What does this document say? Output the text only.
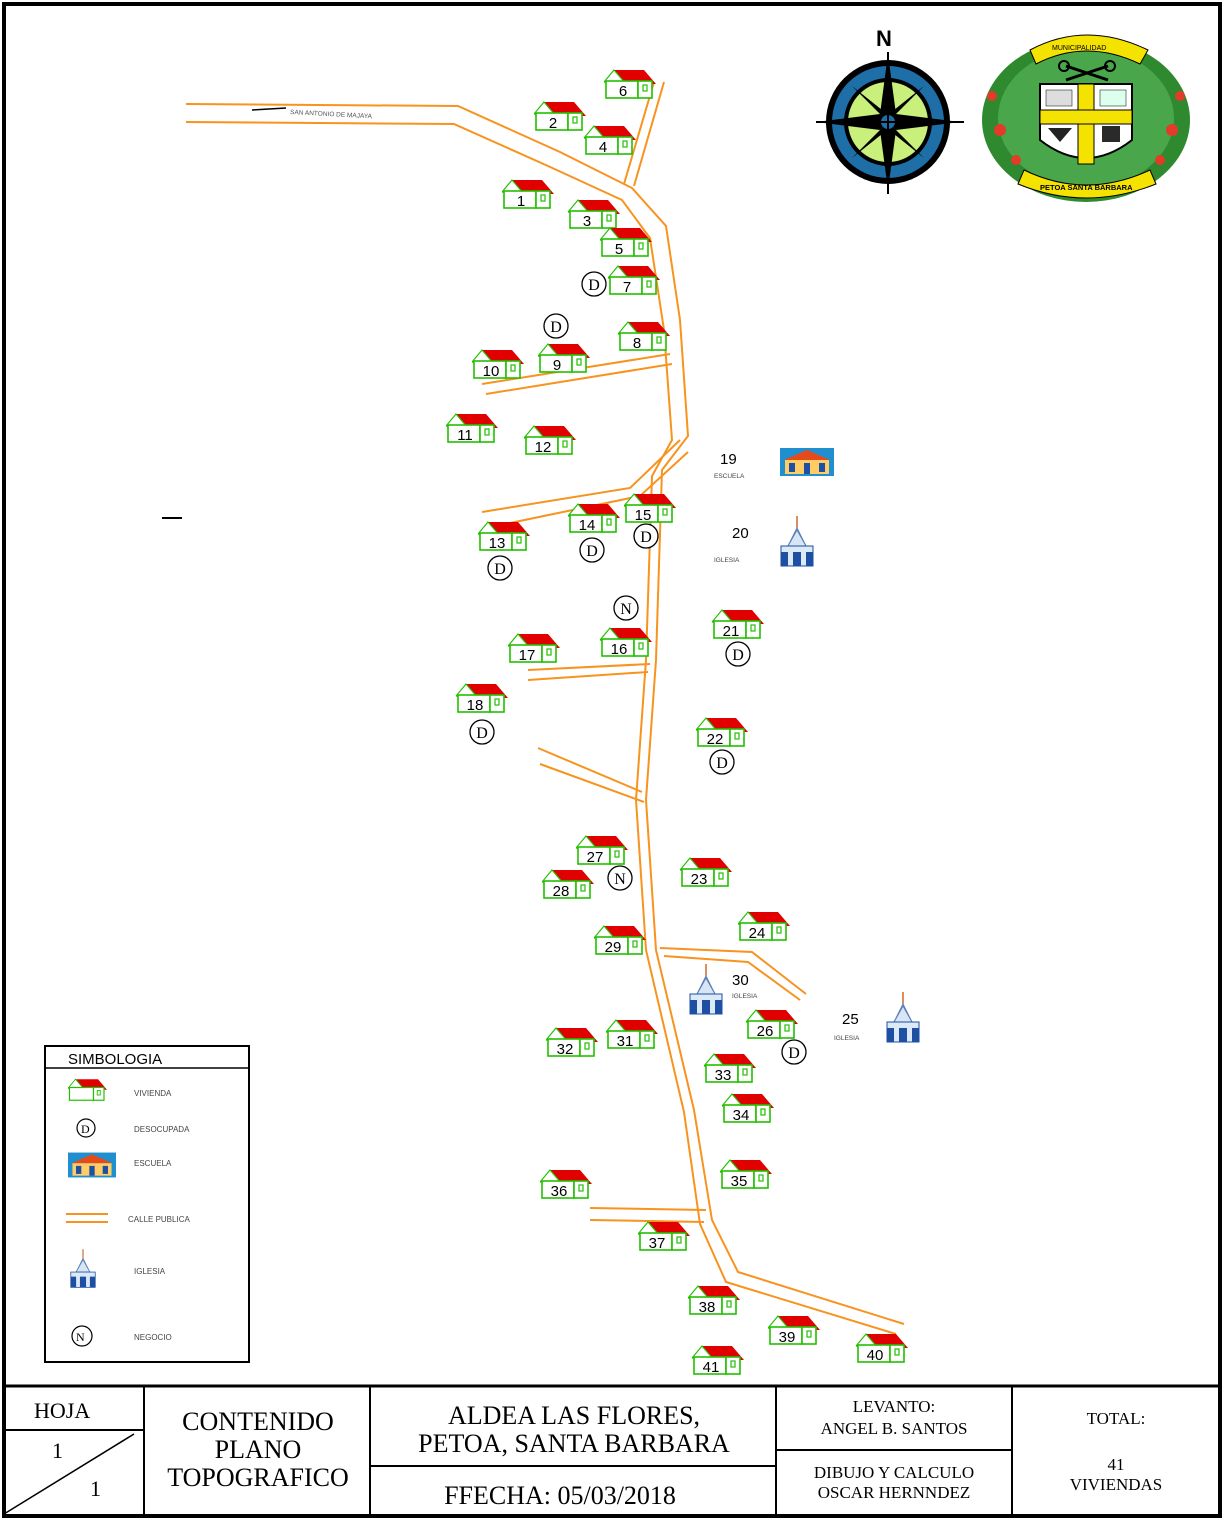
SAN ANTONIO DE MAJAYA
1
2
3
4
5
6
7
8
9
10
11
12
13
14
15
16
17
18
21
22
23
24
26
27
28
29
31
32
33
34
35
36
37
38
39
40
41
D
D
D
D
D
D
D
D
D
N
N
19
ESCUELA
20
IGLESIA
30
IGLESIA
25
IGLESIA
N	MUNICIPALIDAD
PETOA SANTA BARBARA
SIMBOLOGIA
VIVIENDA
D	DESOCUPADA
ESCUELA
CALLE PUBLICA
IGLESIA
N	NEGOCIO
HOJA
1
1
CONTENIDO
PLANO
TOPOGRAFICO
ALDEA LAS FLORES,
PETOA, SANTA BARBARA
FFECHA: 05/03/2018
LEVANTO:
ANGEL B. SANTOS
DIBUJO Y CALCULO
OSCAR HERNNDEZ
TOTAL:
41
VIVIENDAS
